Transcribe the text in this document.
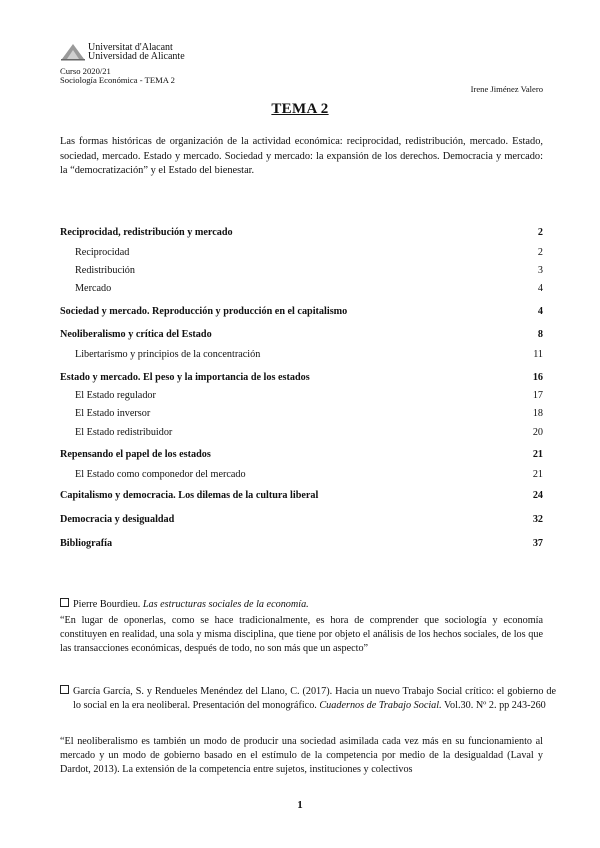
Universitat d'Alacant
Universidad de Alicante
Curso 2020/21
Sociología Económica - TEMA 2
Irene Jiménez Valero
TEMA 2
Las formas históricas de organización de la actividad económica: reciprocidad, redistribución, mercado. Estado, sociedad, mercado. Estado y mercado. Sociedad y mercado: la expansión de los derechos. Democracia y mercado: la “democratización” y el Estado del bienestar.
Reciprocidad, redistribución y mercado	2
Reciprocidad	2
Redistribución	3
Mercado	4
Sociedad y mercado. Reproducción y producción en el capitalismo	4
Neoliberalismo y crítica del Estado	8
Libertarismo y principios de la concentración	11
Estado y mercado. El peso y la importancia de los estados	16
El Estado regulador	17
El Estado inversor	18
El Estado redistribuidor	20
Repensando el papel de los estados	21
El Estado como componedor del mercado	21
Capitalismo y democracia. Los dilemas de la cultura liberal	24
Democracia y desigualdad	32
Bibliografía	37
Pierre Bourdieu. Las estructuras sociales de la economía.
“En lugar de oponerlas, como se hace tradicionalmente, es hora de comprender que sociología y economía constituyen en realidad, una sola y misma disciplina, que tiene por objeto el análisis de los hechos sociales, de los que las transacciones económicas, después de todo, no son más que un aspecto”
García García, S. y Rendueles Menéndez del Llano, C. (2017). Hacia un nuevo Trabajo Social crítico: el gobierno de lo social en la era neoliberal. Presentación del monográfico. Cuadernos de Trabajo Social. Vol.30. Nº 2. pp 243-260
“El neoliberalismo es también un modo de producir una sociedad asimilada cada vez más en su funcionamiento al mercado y un modo de gobierno basado en el estímulo de la competencia por medio de la desigualdad (Laval y Dardot, 2013). La extensión de la competencia entre sujetos, instituciones y colectivos
1
